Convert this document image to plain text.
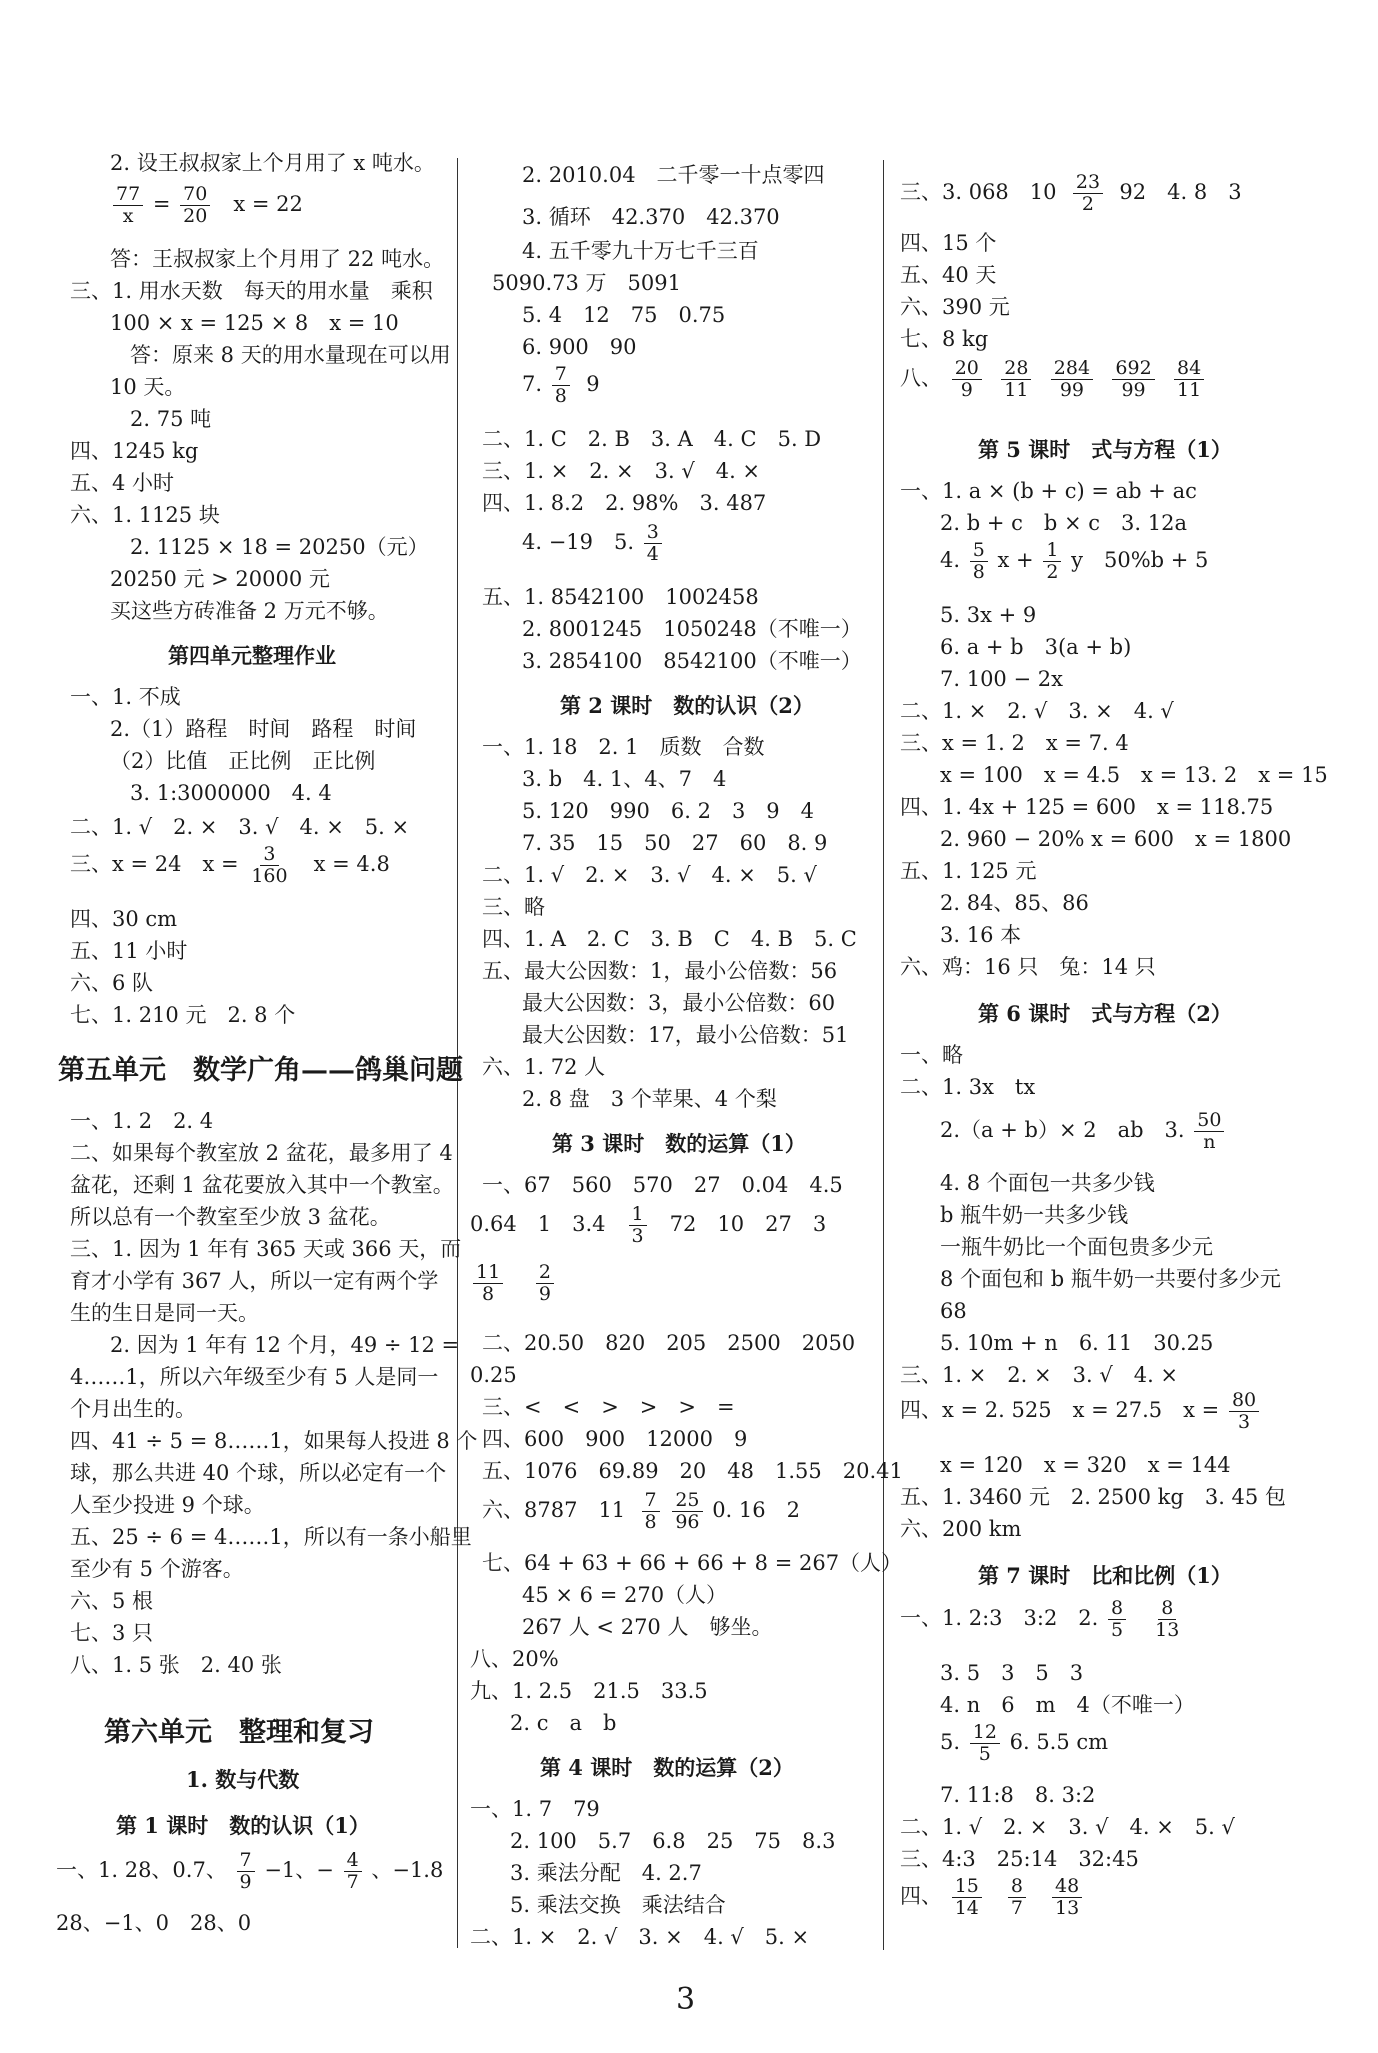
2. 设王叔叔家上个月用了 x 吨水。
$\frac{77}{x} = \frac{70}{20}$ x = 22
答：王叔叔家上个月用了 22 吨水。
三、1. 用水天数　每天的用水量　乘积
100 × x = 125 × 8　x = 10
答：原来 8 天的用水量现在可以用
10 天。
2. 75 吨
四、1245 kg
五、4 小时
六、1. 1125 块
2. 1125 × 18 = 20250（元）
20250 元 > 20000 元
买这些方砖准备 2 万元不够。
第四单元整理作业
一、1. 不成
2.（1）路程　时间　路程　时间
（2）比值　正比例　正比例
3. 1:3000000　4. 4
二、1. √　2. ×　3. √　4. ×　5. ×
三、x = 24　$x = \frac{3}{160}$ x = 4.8
四、30 cm
五、11 小时
六、6 队
七、1. 210 元　2. 8 个
第五单元　数学广角——鸽巢问题
一、1. 2　2. 4
二、如果每个教室放 2 盆花，最多用了 4
盆花，还剩 1 盆花要放入其中一个教室。
所以总有一个教室至少放 3 盆花。
三、1. 因为 1 年有 365 天或 366 天，而
育才小学有 367 人，所以一定有两个学
生的生日是同一天。
2. 因为 1 年有 12 个月，49 ÷ 12 =
4……1，所以六年级至少有 5 人是同一
个月出生的。
四、41 ÷ 5 = 8……1，如果每人投进 8 个
球，那么共进 40 个球，所以必定有一个
人至少投进 9 个球。
五、25 ÷ 6 = 4……1，所以有一条小船里
至少有 5 个游客。
六、5 根
七、3 只
八、1. 5 张　2. 40 张
第六单元　整理和复习
1. 数与代数
第 1 课时　数的认识（1）
一、1. 28、0.7、 $\frac{7}{9} -1$、− $\frac{4}{7}$ 、−1.8
28、−1、0　28、0
2. 2010.04　二千零一十点零四
3. 循环　42.370　42.370
4. 五千零九十万七千三百
5090.73 万　5091
5. 4　12　75　0.75
6. 900　90
7. $\frac{7}{8} 9$
二、1. C　2. B　3. A　4. C　5. D
三、1. ×　2. ×　3. √　4. ×
四、1. 8.2　2. 98%　3. 487
4. −19　5. $\frac{3}{4}$
五、1. 8542100　1002458
2. 8001245　1050248（不唯一）
3. 2854100　8542100（不唯一）
第 2 课时　数的认识（2）
一、1. 18　2. 1　质数　合数
3. b　4. 1、4、7　4
5. 120　990　6. 2　3　9　4
7. 35　15　50　27　60　8. 9
二、1. √　2. ×　3. √　4. ×　5. √
三、略
四、1. A　2. C　3. B　C　4. B　5. C
五、最大公因数：1，最小公倍数：56
最大公因数：3，最小公倍数：60
最大公因数：17，最小公倍数：51
六、1. 72 人
2. 8 盘　3 个苹果、4 个梨
第 3 课时　数的运算（1）
一、67　560　570　27　0.04　4.5
0.64　1　$3.4 \frac{1}{3} 72$　10　27　3
$\frac{11}{8}$
$\frac{2}{9}$
二、20.50　820　205　2500　2050
0.25
三、<　<　>　>　>　=
四、600　900　12000　9
五、1076　69.89　20　48　1.55　20.41
六、8787　$11 \frac{7}{8}$
$\frac{25}{96} 0$. 16　2
七、64 + 63 + 66 + 66 + 8 = 267（人）
45 × 6 = 270（人）
267 人 < 270 人　够坐。
八、20%
九、1. 2.5　21.5　33.5
2. c　a　b
第 4 课时　数的运算（2）
一、1. 7　79
2. 100　5.7　6.8　25　75　8.3
3. 乘法分配　4. 2.7
5. 乘法交换　乘法结合
二、1. ×　2. √　3. ×　4. √　5. ×
三、3. 068　$10 \frac{23}{2} 92$　4. 8　3
四、15 个
五、40 天
六、390 元
七、8 kg
八、 $\frac{20}{9}$
$\frac{28}{11}$
$\frac{284}{99}$
$\frac{692}{99}$
$\frac{84}{11}$
第 5 课时　式与方程（1）
一、1. a × (b + c) = ab + ac
2. b + c　b × c　3. 12a
4. $\frac{5}{8}$ $x + \frac{1}{2}$ y　50%b + 5
5. 3x + 9
6. a + b　3(a + b)
7. 100 − 2x
二、1. ×　2. √　3. ×　4. √
三、x = 1. 2　x = 7. 4
x = 100　x = 4.5　x = 13. 2　x = 15
四、1. 4x + 125 = 600　x = 118.75
2. 960 − 20% x = 600　x = 1800
五、1. 125 元
2. 84、85、86
3. 16 本
六、鸡：16 只　兔：14 只
第 6 课时　式与方程（2）
一、略
二、1. 3x　tx
2.（a + b）× 2　ab　3. $\frac{50}{n}$
4. 8 个面包一共多少钱
b 瓶牛奶一共多少钱
一瓶牛奶比一个面包贵多少元
8 个面包和 b 瓶牛奶一共要付多少元
68
5. 10m + n　6. 11　30.25
三、1. ×　2. ×　3. √　4. ×
四、x = 2. 525　x = 27.5　$x = \frac{80}{3}$
x = 120　x = 320　x = 144
五、1. 3460 元　2. 2500 kg　3. 45 包
六、200 km
第 7 课时　比和比例（1）
一、1. 2:3　3:2　2. $\frac{8}{5}$
$\frac{8}{13}$
3. 5　3　5　3
4. n　6　m　4（不唯一）
5. $\frac{12}{5} 6$. 5.5 cm
7. 11:8　8. 3:2
二、1. √　2. ×　3. √　4. ×　5. √
三、4:3　25:14　32:45
四、 $\frac{15}{14}$
$\frac{8}{7}$
$\frac{48}{13}$
3
